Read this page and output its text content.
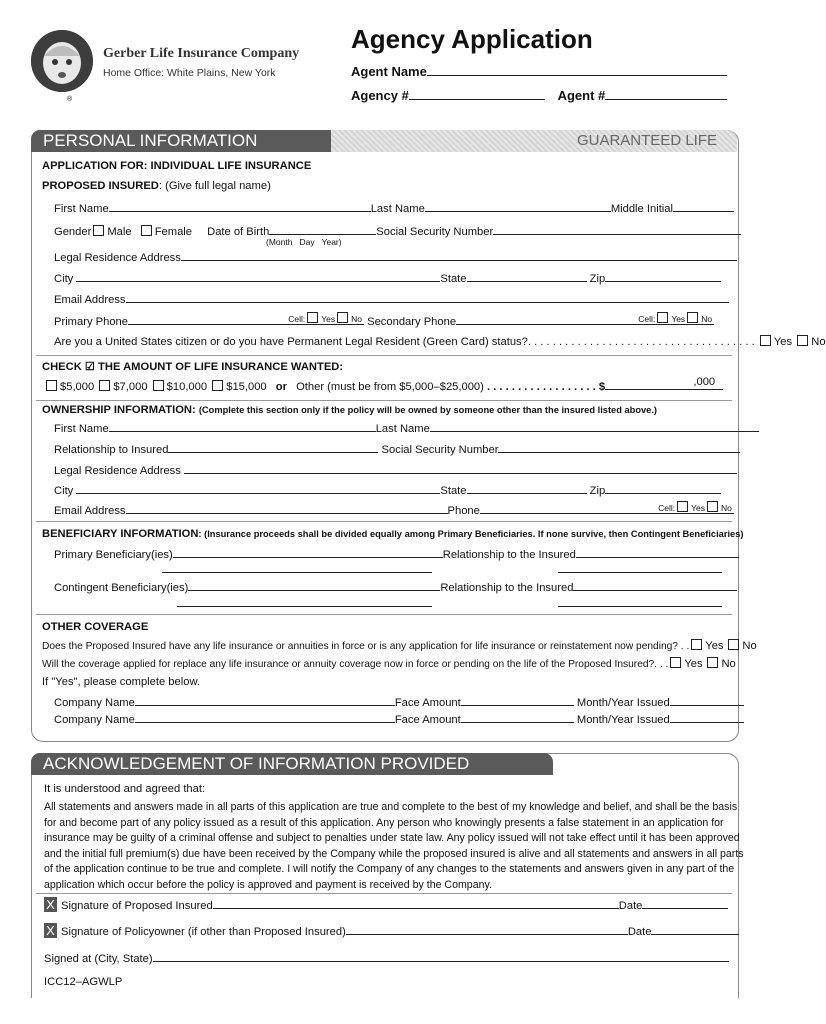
®
Gerber Life Insurance Company
Home Office: White Plains, New York
Agency Application
Agent Name
Agency #	Agent #
PERSONAL INFORMATION	GUARANTEED LIFE
APPLICATION FOR: INDIVIDUAL LIFE INSURANCE
PROPOSED INSURED: (Give full legal name)
First Name	Last Name	Middle Initial
Gender Male Female Date of Birth	Social Security Number
(Month   Day   Year)
Legal Residence Address
City	State	Zip
Email Address
Primary Phone	Cell: Yes No Secondary Phone	Cell: Yes No
Are you a United States citizen or do you have Permanent Legal Resident (Green Card) status?. . . . . . . . . . . . . . . . . . . . . . . . . . . . . . . . . . . . . Yes No
CHECK ☑ THE AMOUNT OF LIFE INSURANCE WANTED:
$5,000 $7,000 $10,000 $15,000 or Other (must be from $5,000–$25,000) . . . . . . . . . . . . . . . . . . $	,000
OWNERSHIP INFORMATION: (Complete this section only if the policy will be owned by someone other than the insured listed above.)
First Name	Last Name
Relationship to Insured	Social Security Number
Legal Residence Address
City	State	Zip
Email Address	Phone	Cell: Yes No
BENEFICIARY INFORMATION: (Insurance proceeds shall be divided equally among Primary Beneficiaries. If none survive, then Contingent Beneficiaries)
Primary Beneficiary(ies)	Relationship to the Insured
Contingent Beneficiary(ies)	Relationship to the Insured
OTHER COVERAGE
Does the Proposed Insured have any life insurance or annuities in force or is any application for life insurance or reinstatement now pending? . . Yes No
Will the coverage applied for replace any life insurance or annuity coverage now in force or pending on the life of the Proposed Insured?. . . Yes No
If "Yes", please complete below.
Company Name	Face Amount	Month/Year Issued
Company Name	Face Amount	Month/Year Issued
ACKNOWLEDGEMENT OF INFORMATION PROVIDED
It is understood and agreed that:
All statements and answers made in all parts of this application are true and complete to the best of my knowledge and belief, and shall be the basis
for and become part of any policy issued as a result of this application. Any person who knowingly presents a false statement in an application for
insurance may be guilty of a criminal offense and subject to penalties under state law. Any policy issued will not take effect until it has been approved
and the initial full premium(s) due have been received by the Company while the proposed insured is alive and all statements and answers in all parts
of the application continue to be true and complete. I will notify the Company of any changes to the statements and answers given in any part of the
application which occur before the policy is approved and payment is received by the Company.
X Signature of Proposed Insured	Date
X Signature of Policyowner (if other than Proposed Insured)	Date
Signed at (City, State)
ICC12–AGWLP
